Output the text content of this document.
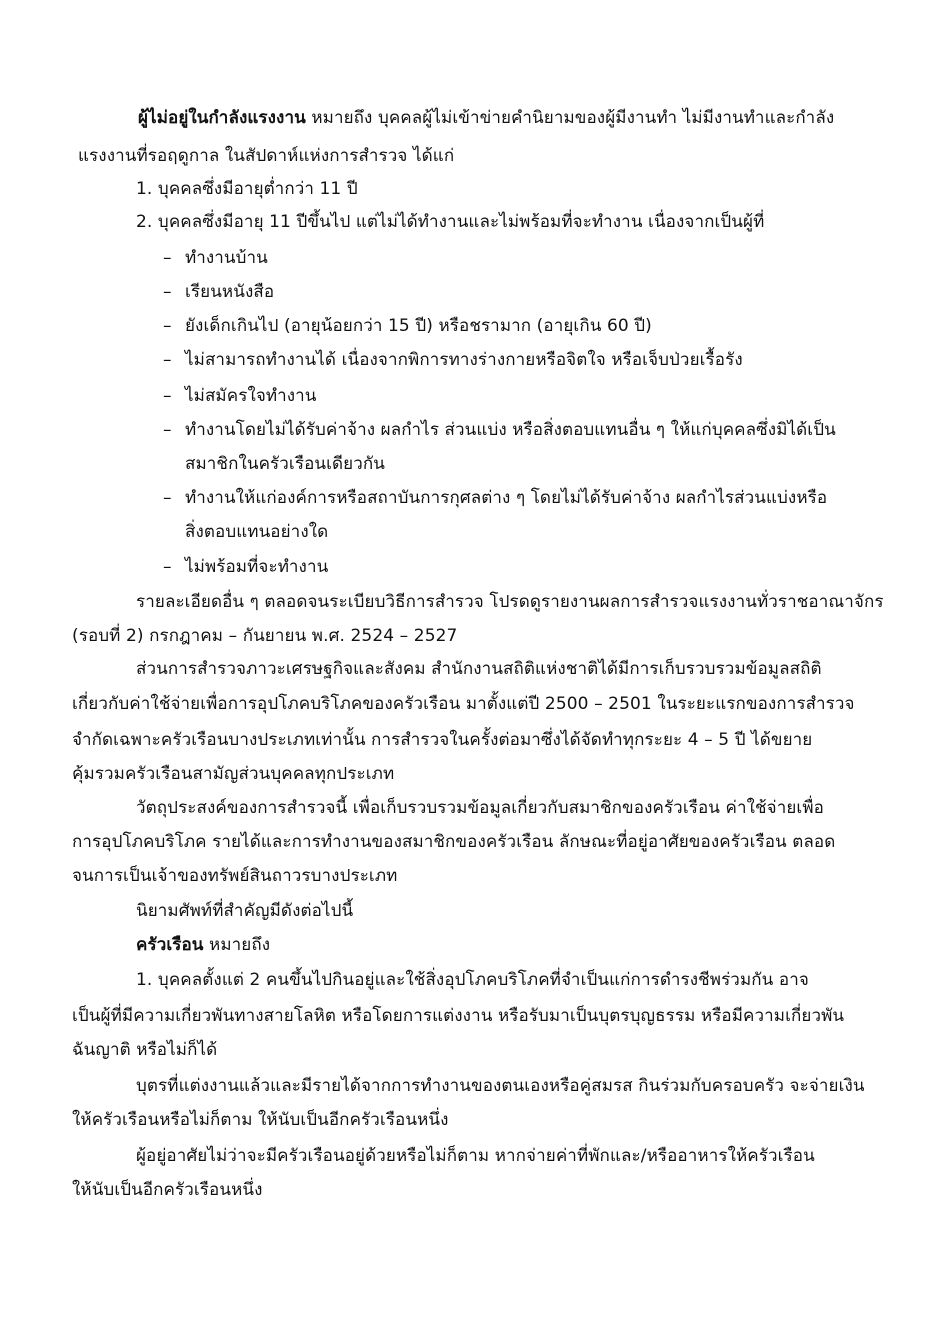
ผู้ไม่อยู่ในกำลังแรงงาน หมายถึง บุคคลผู้ไม่เข้าข่ายคำนิยามของผู้มีงานทำ ไม่มีงานทำและกำลัง
แรงงานที่รอฤดูกาล ในสัปดาห์แห่งการสำรวจ ได้แก่
1. บุคคลซึ่งมีอายุต่ำกว่า 11 ปี
2. บุคคลซึ่งมีอายุ 11 ปีขึ้นไป แต่ไม่ได้ทำงานและไม่พร้อมที่จะทำงาน เนื่องจากเป็นผู้ที่
– ทำงานบ้าน
– เรียนหนังสือ
– ยังเด็กเกินไป (อายุน้อยกว่า 15 ปี) หรือชรามาก (อายุเกิน 60 ปี)
– ไม่สามารถทำงานได้ เนื่องจากพิการทางร่างกายหรือจิตใจ หรือเจ็บป่วยเรื้อรัง
– ไม่สมัครใจทำงาน
– ทำงานโดยไม่ได้รับค่าจ้าง ผลกำไร ส่วนแบ่ง หรือสิ่งตอบแทนอื่น ๆ ให้แก่บุคคลซึ่งมิได้เป็น
สมาชิกในครัวเรือนเดียวกัน
– ทำงานให้แก่องค์การหรือสถาบันการกุศลต่าง ๆ โดยไม่ได้รับค่าจ้าง ผลกำไรส่วนแบ่งหรือ
สิ่งตอบแทนอย่างใด
– ไม่พร้อมที่จะทำงาน
รายละเอียดอื่น ๆ ตลอดจนระเบียบวิธีการสำรวจ โปรดดูรายงานผลการสำรวจแรงงานทั่วราชอาณาจักร
(รอบที่ 2) กรกฎาคม – กันยายน พ.ศ. 2524 – 2527
ส่วนการสำรวจภาวะเศรษฐกิจและสังคม สำนักงานสถิติแห่งชาติได้มีการเก็บรวบรวมข้อมูลสถิติ
เกี่ยวกับค่าใช้จ่ายเพื่อการอุปโภคบริโภคของครัวเรือน มาตั้งแต่ปี 2500 – 2501 ในระยะแรกของการสำรวจ
จำกัดเฉพาะครัวเรือนบางประเภทเท่านั้น การสำรวจในครั้งต่อมาซึ่งได้จัดทำทุกระยะ 4 – 5 ปี ได้ขยาย
คุ้มรวมครัวเรือนสามัญส่วนบุคคลทุกประเภท
วัตถุประสงค์ของการสำรวจนี้ เพื่อเก็บรวบรวมข้อมูลเกี่ยวกับสมาชิกของครัวเรือน ค่าใช้จ่ายเพื่อ
การอุปโภคบริโภค รายได้และการทำงานของสมาชิกของครัวเรือน ลักษณะที่อยู่อาศัยของครัวเรือน ตลอด
จนการเป็นเจ้าของทรัพย์สินถาวรบางประเภท
นิยามศัพท์ที่สำคัญมีดังต่อไปนี้
ครัวเรือน หมายถึง
1. บุคคลตั้งแต่ 2 คนขึ้นไปกินอยู่และใช้สิ่งอุปโภคบริโภคที่จำเป็นแก่การดำรงชีพร่วมกัน อาจ
เป็นผู้ที่มีความเกี่ยวพันทางสายโลหิต หรือโดยการแต่งงาน หรือรับมาเป็นบุตรบุญธรรม หรือมีความเกี่ยวพัน
ฉันญาติ หรือไม่ก็ได้
บุตรที่แต่งงานแล้วและมีรายได้จากการทำงานของตนเองหรือคู่สมรส กินร่วมกับครอบครัว จะจ่ายเงิน
ให้ครัวเรือนหรือไม่ก็ตาม ให้นับเป็นอีกครัวเรือนหนึ่ง
ผู้อยู่อาศัยไม่ว่าจะมีครัวเรือนอยู่ด้วยหรือไม่ก็ตาม หากจ่ายค่าที่พักและ/หรืออาหารให้ครัวเรือน
ให้นับเป็นอีกครัวเรือนหนึ่ง
